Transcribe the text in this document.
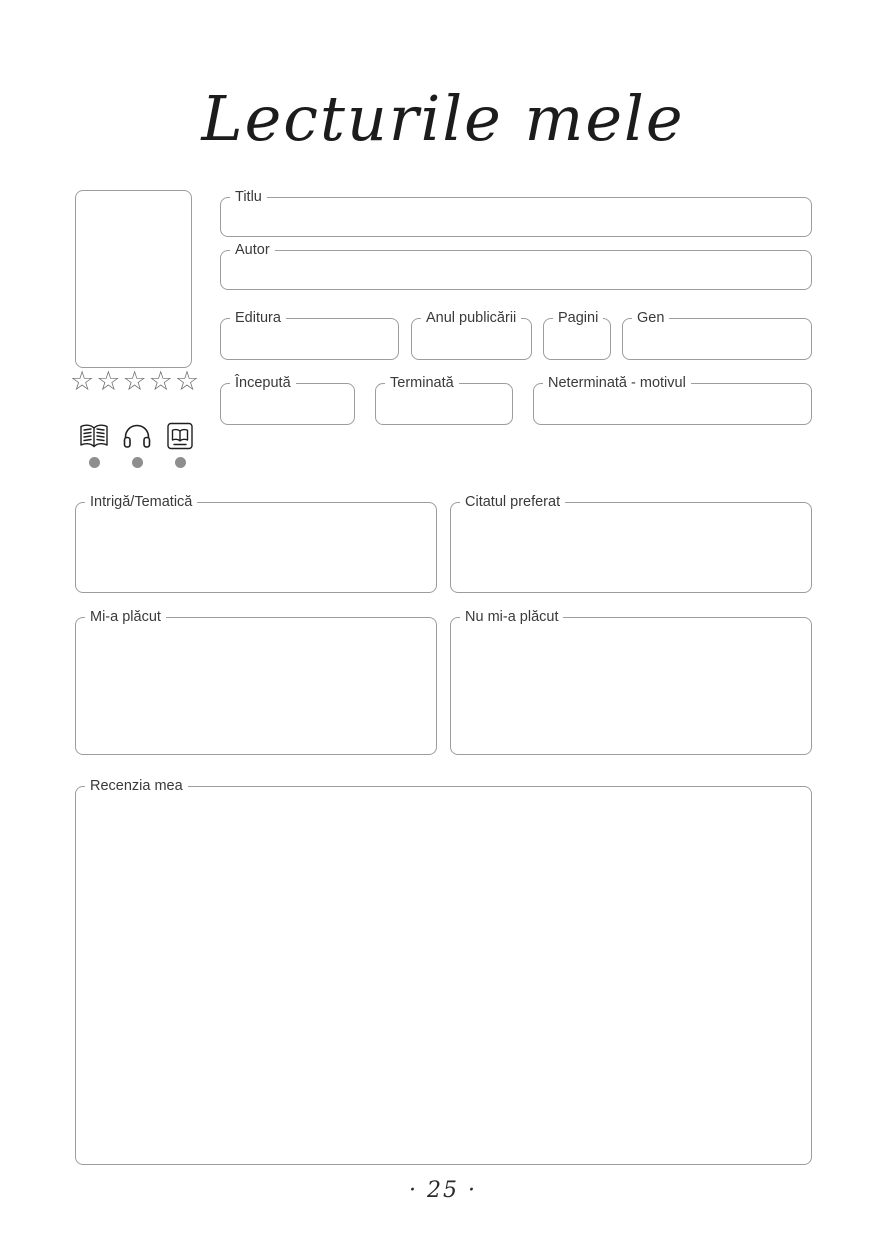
Lecturile mele
☆☆☆☆☆
Titlu
Autor
Editura	Anul publicării	Pagini	Gen
Începută	Terminată	Neterminată - motivul
Intrigă/Tematică	Citatul preferat
Mi-a plăcut	Nu mi-a plăcut
Recenzia mea
· 25 ·
